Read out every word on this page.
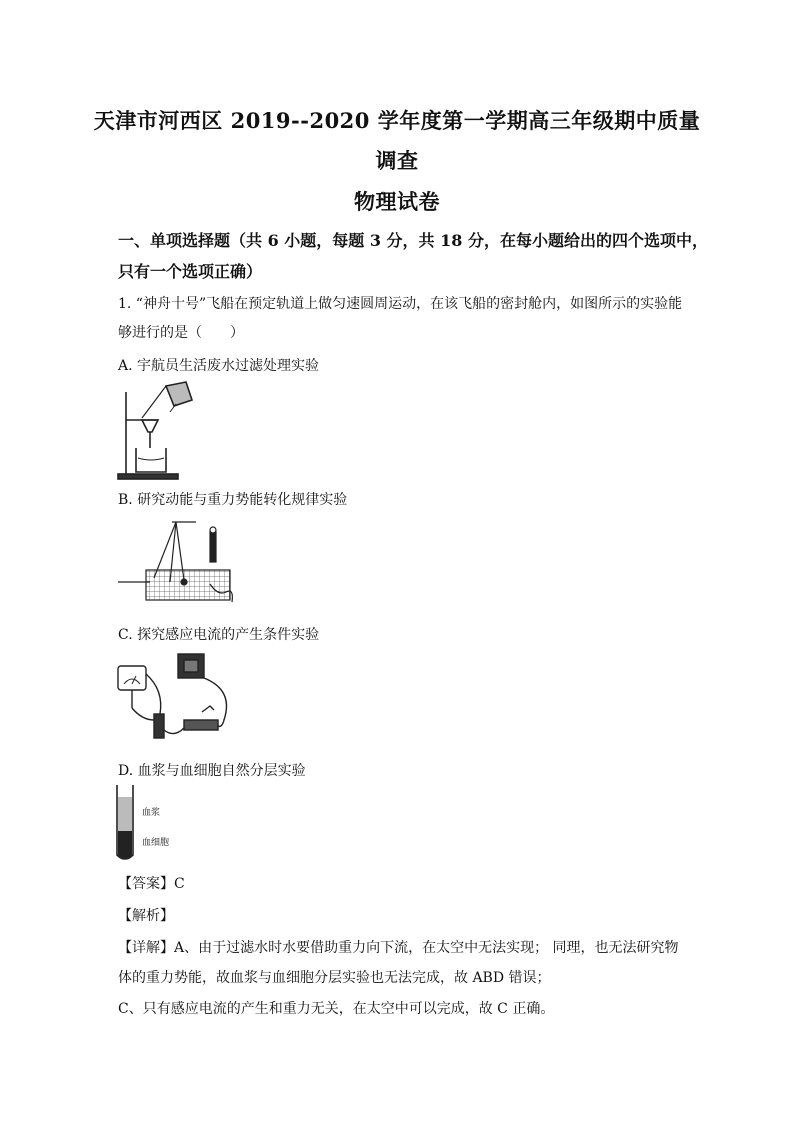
天津市河西区 2019--2020 学年度第一学期高三年级期中质量
调查
物理试卷
一、单项选择题（共 6 小题，每题 3 分，共 18 分，在每小题给出的四个选项中，
只有一个选项正确）
1. “神舟十号”飞船在预定轨道上做匀速圆周运动，在该飞船的密封舱内，如图所示的实验能
够进行的是（　　）
A. 宇航员生活废水过滤处理实验
B. 研究动能与重力势能转化规律实验
C. 探究感应电流的产生条件实验
D. 血浆与血细胞自然分层实验
血浆
血细胞
【答案】C
【解析】
【详解】A、由于过滤水时水要借助重力向下流，在太空中无法实现； 同理，也无法研究物
体的重力势能，故血浆与血细胞分层实验也无法完成，故 ABD 错误；
C、只有感应电流的产生和重力无关，在太空中可以完成，故 C 正确。
